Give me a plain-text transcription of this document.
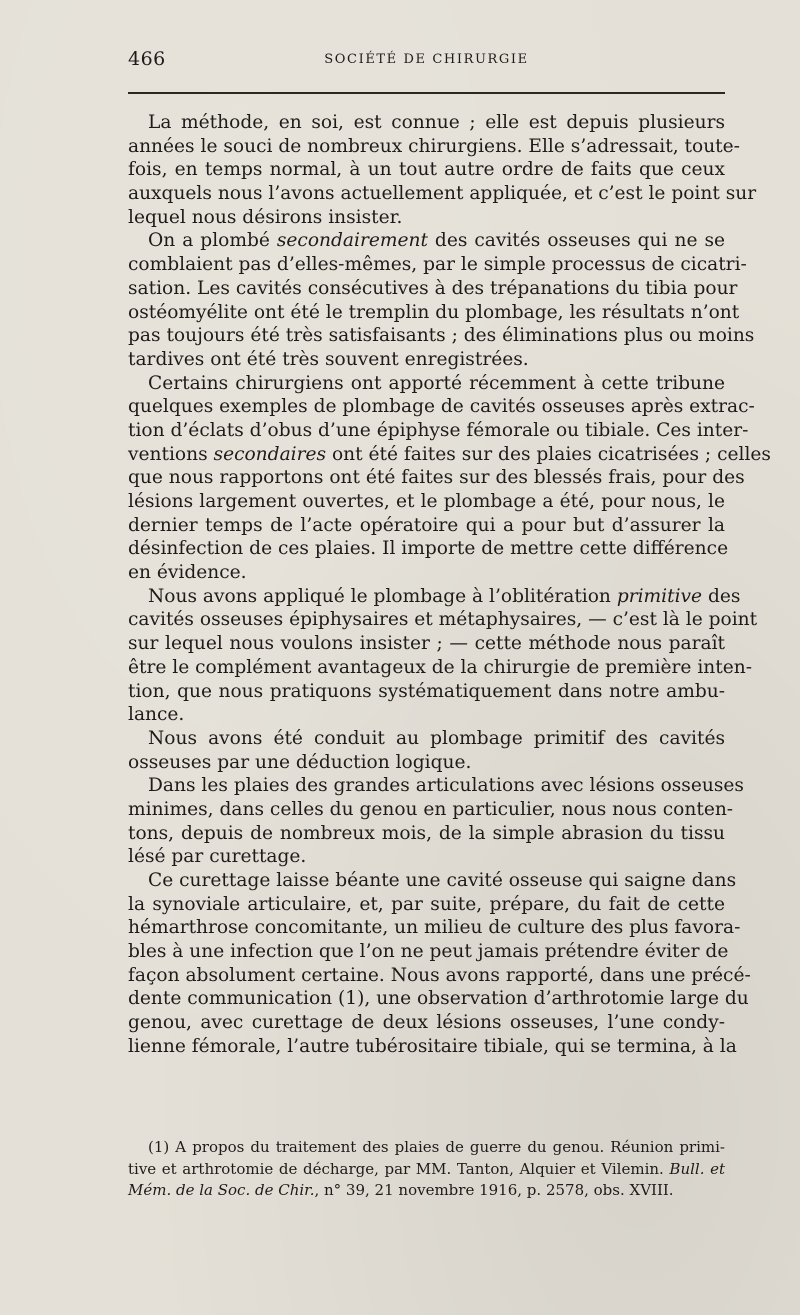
466	SOCIÉTÉ DE CHIRURGIE
La méthode, en soi, est connue ; elle est depuis plusieurs
années le souci de nombreux chirurgiens. Elle s’adressait, toute-
fois, en temps normal, à un tout autre ordre de faits que ceux
auxquels nous l’avons actuellement appliquée, et c’est le point sur
lequel nous désirons insister.
On a plombé secondairement des cavités osseuses qui ne se
comblaient pas d’elles-mêmes, par le simple processus de cicatri-
sation. Les cavités consécutives à des trépanations du tibia pour
ostéomyélite ont été le tremplin du plombage, les résultats n’ont
pas toujours été très satisfaisants ; des éliminations plus ou moins
tardives ont été très souvent enregistrées.
Certains chirurgiens ont apporté récemment à cette tribune
quelques exemples de plombage de cavités osseuses après extrac-
tion d’éclats d’obus d’une épiphyse fémorale ou tibiale. Ces inter-
ventions secondaires ont été faites sur des plaies cicatrisées ; celles
que nous rapportons ont été faites sur des blessés frais, pour des
lésions largement ouvertes, et le plombage a été, pour nous, le
dernier temps de l’acte opératoire qui a pour but d’assurer la
désinfection de ces plaies. Il importe de mettre cette différence
en évidence.
Nous avons appliqué le plombage à l’oblitération primitive des
cavités osseuses épiphysaires et métaphysaires, — c’est là le point
sur lequel nous voulons insister ; — cette méthode nous paraît
être le complément avantageux de la chirurgie de première inten-
tion, que nous pratiquons systématiquement dans notre ambu-
lance.
Nous avons été conduit au plombage primitif des cavités
osseuses par une déduction logique.
Dans les plaies des grandes articulations avec lésions osseuses
minimes, dans celles du genou en particulier, nous nous conten-
tons, depuis de nombreux mois, de la simple abrasion du tissu
lésé par curettage.
Ce curettage laisse béante une cavité osseuse qui saigne dans
la synoviale articulaire, et, par suite, prépare, du fait de cette
hémarthrose concomitante, un milieu de culture des plus favora-
bles à une infection que l’on ne peut jamais prétendre éviter de
façon absolument certaine. Nous avons rapporté, dans une précé-
dente communication (1), une observation d’arthrotomie large du
genou, avec curettage de deux lésions osseuses, l’une condy-
lienne fémorale, l’autre tubérositaire tibiale, qui se termina, à la
(1) A propos du traitement des plaies de guerre du genou. Réunion primi-
tive et arthrotomie de décharge, par MM. Tanton, Alquier et Vilemin. Bull. et
Mém. de la Soc. de Chir., n° 39, 21 novembre 1916, p. 2578, obs. XVIII.
